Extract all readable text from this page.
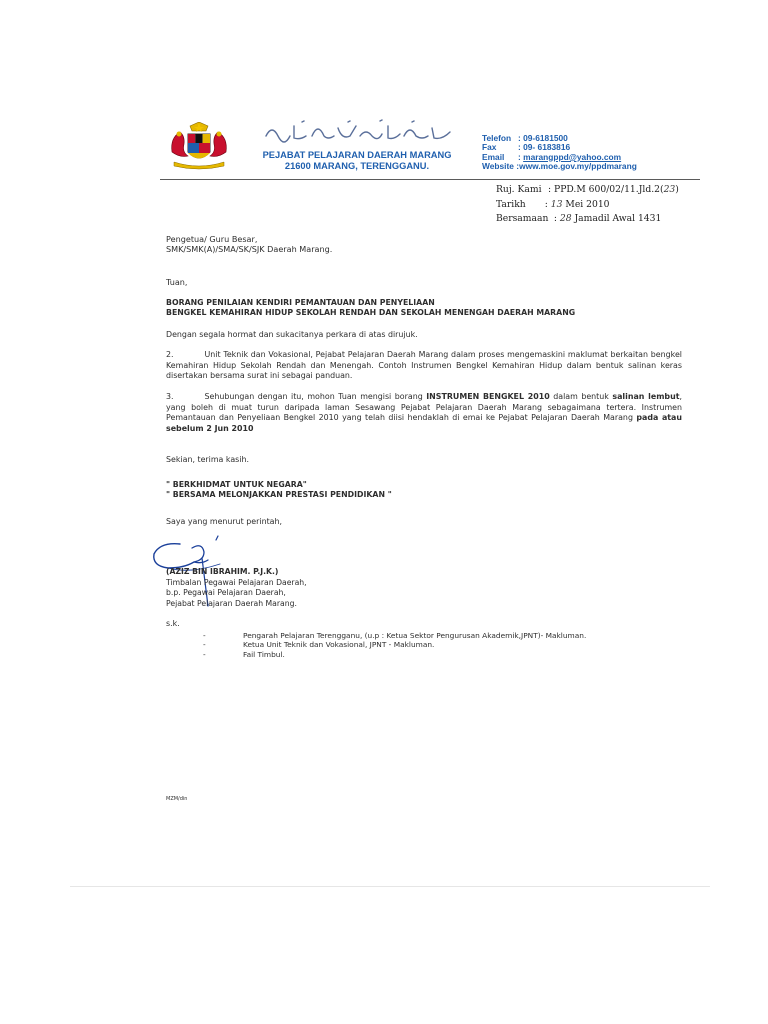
PEJABAT PELAJARAN DAERAH MARANG
21600 MARANG, TERENGGANU.
Telefon : 09-6181500
Fax	: 09- 6183816
Email : marangppd@yahoo.com
Website :www.moe.gov.my/ppdmarang
Ruj. Kami : PPD.M 600/02/11.Jld.2(23)
Tarikh : 13 Mei 2010
Bersamaan : 28 Jamadil Awal 1431
Pengetua/ Guru Besar,
SMK/SMK(A)/SMA/SK/SJK Daerah Marang.
Tuan,
BORANG PENILAIAN KENDIRI PEMANTAUAN DAN PENYELIAAN
BENGKEL KEMAHIRAN HIDUP SEKOLAH RENDAH DAN SEKOLAH MENENGAH DAERAH MARANG
Dengan segala hormat dan sukacitanya perkara di atas dirujuk.
2.	Unit Teknik dan Vokasional, Pejabat Pelajaran Daerah Marang dalam proses mengemaskini maklumat berkaitan bengkel Kemahiran Hidup Sekolah Rendah dan Menengah. Contoh Instrumen Bengkel Kemahiran Hidup dalam bentuk salinan keras disertakan bersama surat ini sebagai panduan.
3.	Sehubungan dengan itu, mohon Tuan mengisi borang INSTRUMEN BENGKEL 2010 dalam bentuk salinan lembut, yang boleh di muat turun daripada laman Sesawang Pejabat Pelajaran Daerah Marang sebagaimana tertera. Instrumen Pemantauan dan Penyeliaan Bengkel 2010 yang telah diisi hendaklah di emai ke Pejabat Pelajaran Daerah Marang pada atau sebelum 2 Jun 2010
Sekian, terima kasih.
" BERKHIDMAT UNTUK NEGARA"
" BERSAMA MELONJAKKAN PRESTASI PENDIDIKAN "
Saya yang menurut perintah,
(AZIZ BIN IBRAHIM. P.J.K.)
Timbalan Pegawai Pelajaran Daerah,
b.p. Pegawai Pelajaran Daerah,
Pejabat Pelajaran Daerah Marang.
s.k.
-	Pengarah Pelajaran Terengganu, (u.p : Ketua Sektor Pengurusan Akademik,JPNT)- Makluman.
-	Ketua Unit Teknik dan Vokasional, JPNT - Makluman.
-	Fail Timbul.
MZM/din
